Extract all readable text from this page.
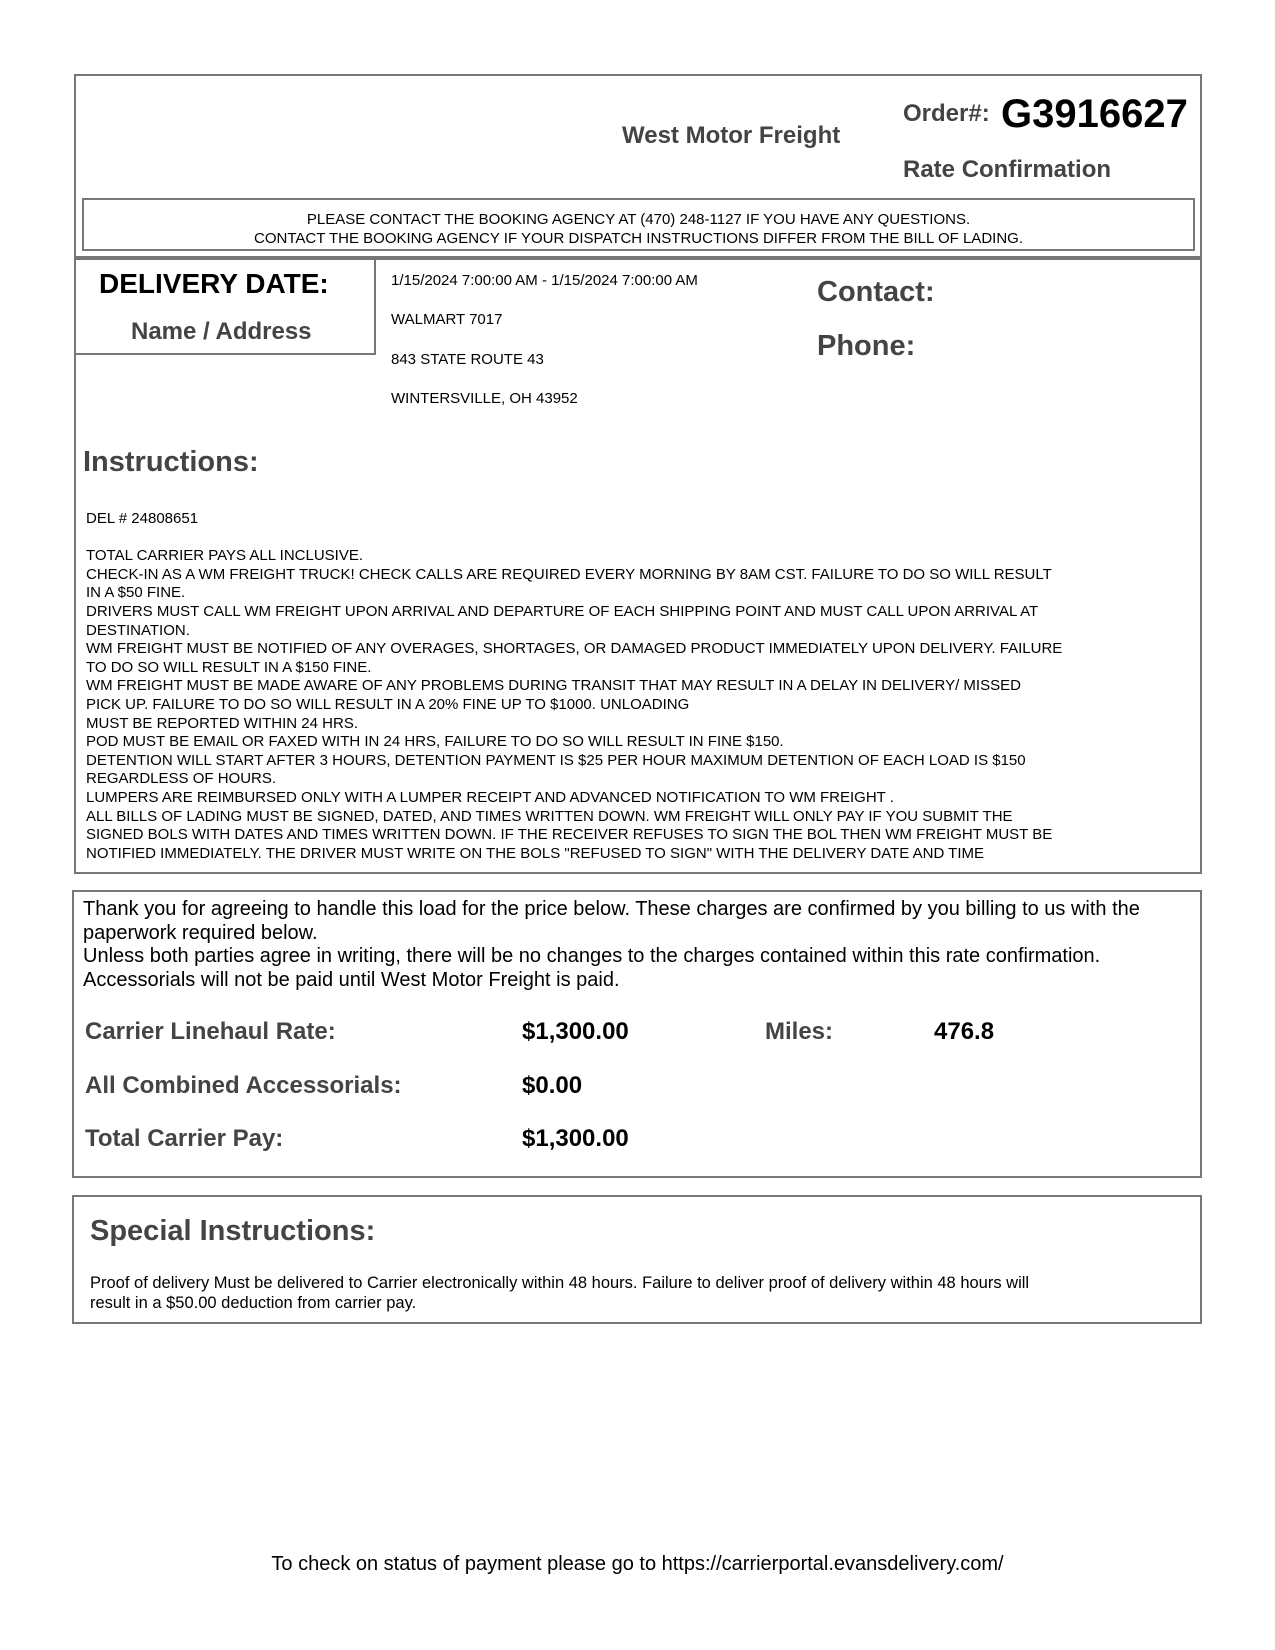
West Motor Freight
Order#: G3916627
Rate Confirmation
PLEASE CONTACT THE BOOKING AGENCY AT (470) 248-1127 IF YOU HAVE ANY QUESTIONS.
CONTACT THE BOOKING AGENCY IF YOUR DISPATCH INSTRUCTIONS DIFFER FROM THE BILL OF LADING.
DELIVERY DATE:
Name / Address
1/15/2024 7:00:00 AM - 1/15/2024 7:00:00 AM
WALMART 7017
843 STATE ROUTE 43
WINTERSVILLE, OH 43952
Contact:
Phone:
Instructions:
DEL # 24808651
TOTAL CARRIER PAYS ALL INCLUSIVE.
CHECK-IN AS A WM FREIGHT TRUCK! CHECK CALLS ARE REQUIRED EVERY MORNING BY 8AM CST. FAILURE TO DO SO WILL RESULT
IN A $50 FINE.
DRIVERS MUST CALL WM FREIGHT UPON ARRIVAL AND DEPARTURE OF EACH SHIPPING POINT AND MUST CALL UPON ARRIVAL AT
DESTINATION.
WM FREIGHT MUST BE NOTIFIED OF ANY OVERAGES, SHORTAGES, OR DAMAGED PRODUCT IMMEDIATELY UPON DELIVERY. FAILURE
TO DO SO WILL RESULT IN A $150 FINE.
WM FREIGHT MUST BE MADE AWARE OF ANY PROBLEMS DURING TRANSIT THAT MAY RESULT IN A DELAY IN DELIVERY/ MISSED
PICK UP. FAILURE TO DO SO WILL RESULT IN A 20% FINE UP TO $1000. UNLOADING
MUST BE REPORTED WITHIN 24 HRS.
POD MUST BE EMAIL OR FAXED WITH IN 24 HRS, FAILURE TO DO SO WILL RESULT IN FINE $150.
DETENTION WILL START AFTER 3 HOURS, DETENTION PAYMENT IS $25 PER HOUR MAXIMUM DETENTION OF EACH LOAD IS $150
REGARDLESS OF HOURS.
LUMPERS ARE REIMBURSED ONLY WITH A LUMPER RECEIPT AND ADVANCED NOTIFICATION TO WM FREIGHT .
ALL BILLS OF LADING MUST BE SIGNED, DATED, AND TIMES WRITTEN DOWN. WM FREIGHT WILL ONLY PAY IF YOU SUBMIT THE
SIGNED BOLS WITH DATES AND TIMES WRITTEN DOWN. IF THE RECEIVER REFUSES TO SIGN THE BOL THEN WM FREIGHT MUST BE
NOTIFIED IMMEDIATELY. THE DRIVER MUST WRITE ON THE BOLS "REFUSED TO SIGN" WITH THE DELIVERY DATE AND TIME
Thank you for agreeing to handle this load for the price below. These charges are confirmed by you billing to us with the
paperwork required below.
Unless both parties agree in writing, there will be no changes to the charges contained within this rate confirmation.
Accessorials will not be paid until West Motor Freight is paid.
Carrier Linehaul Rate:	$1,300.00	Miles:	476.8
All Combined Accessorials:	$0.00
Total Carrier Pay:	$1,300.00
Special Instructions:
Proof of delivery Must be delivered to Carrier electronically within 48 hours. Failure to deliver proof of delivery within 48 hours will
result in a $50.00 deduction from carrier pay.
To check on status of payment please go to https://carrierportal.evansdelivery.com/
